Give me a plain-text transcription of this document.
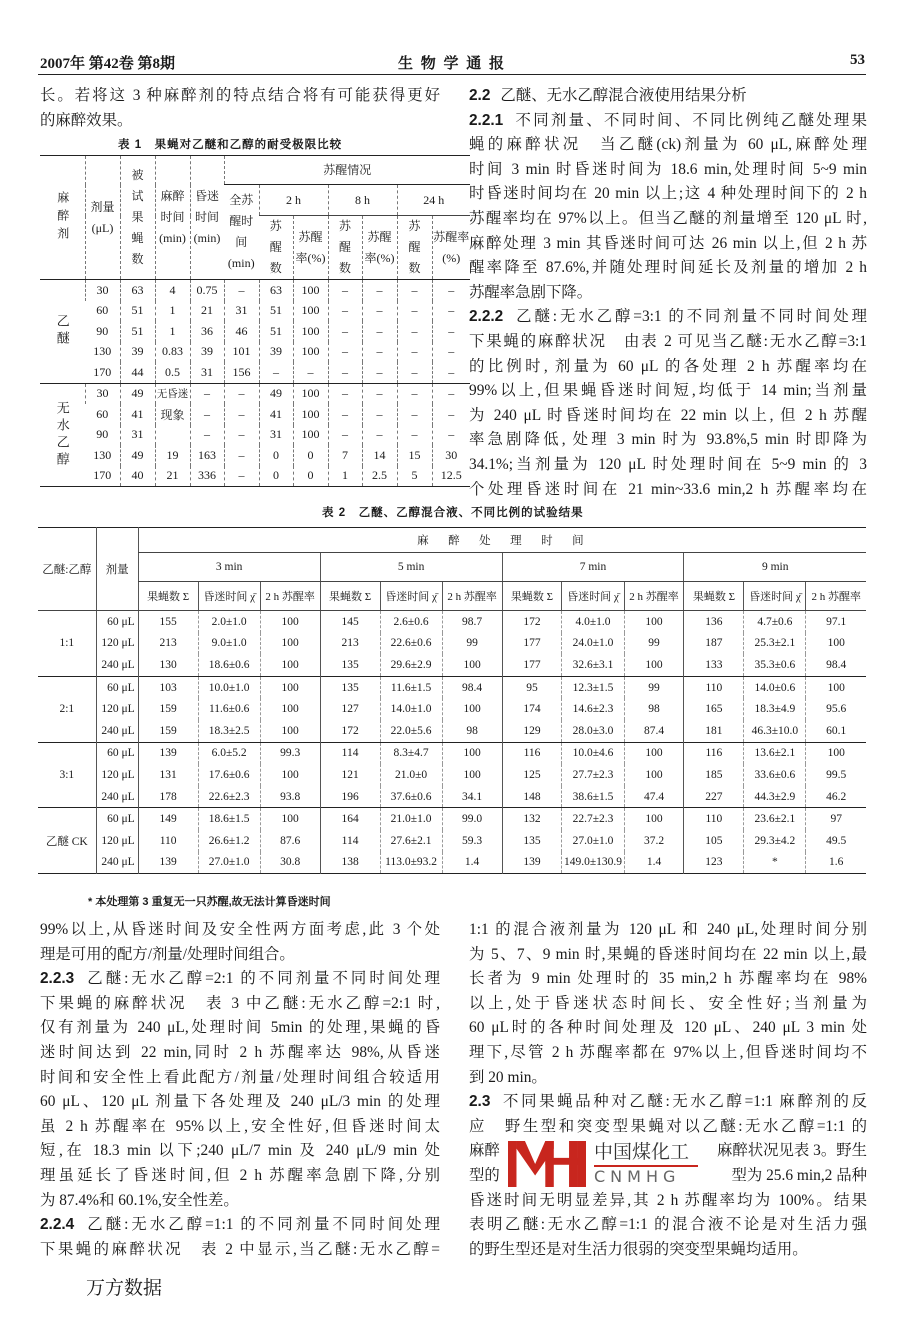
2007年 第42卷 第8期	生 物 学 通 报	53
长。若将这 3 种麻醉剂的特点结合将有可能获得更好
的麻醉效果。
2.2 乙醚、无水乙醇混合液使用结果分析
2.2.1 不同剂量、不同时间、不同比例纯乙醚处理果
蝇的麻醉状况　当乙醚(ck)剂量为 60 μL,麻醉处理
时间 3 min 时昏迷时间为 18.6 min,处理时间 5~9 min
时昏迷时间均在 20 min 以上;这 4 种处理时间下的 2 h
苏醒率均在 97%以上。但当乙醚的剂量增至 120 μL 时,
麻醉处理 3 min 其昏迷时间可达 26 min 以上,但 2 h 苏
醒率降至 87.6%,并随处理时间延长及剂量的增加 2 h
苏醒率急剧下降。
2.2.2 乙醚:无水乙醇=3:1 的不同剂量不同时间处理
下果蝇的麻醉状况　由表 2 可见当乙醚:无水乙醇=3:1
的比例时, 剂量为 60 μL 的各处理 2 h 苏醒率均在
99%以上,但果蝇昏迷时间短,均低于 14 min;当剂量
为 240 μL 时昏迷时间均在 22 min 以上, 但 2 h 苏醒
率急剧降低, 处理 3 min 时为 93.8%,5 min 时即降为
34.1%;当剂量为 120 μL 时处理时间在 5~9 min 的 3
个处理昏迷时间在 21 min~33.6 min,2 h 苏醒率均在
表 1　果蝇对乙醚和乙醇的耐受极限比较
麻醉剂	剂量(μL)	被试果蝇数	麻醉时间(min)	昏迷时间(min)	苏醒情况						
					全苏醒时间(min)	2 h		8 h		24 h	
						苏醒数	苏醒率(%)	苏醒数	苏醒率(%)	苏醒数	苏醒率(%)
乙醚	30	63	4	0.75	–	63	100	–	–	–	–
	60	51	1	21	31	51	100	–	–	–	–
	90	51	1	36	46	51	100	–	–	–	–
	130	39	0.83	39	101	39	100	–	–	–	–
	170	44	0.5	31	156	–	–	–	–	–	–
无水乙醇	30	49	无昏迷	–	–	49	100	–	–	–	–
	60	41	现象	–	–	41	100	–	–	–	–
	90	31		–	–	31	100	–	–	–	–
	130	49	19	163	–	0	0	7	14	15	30
	170	40	21	336	–	0	0	1	2.5	5	12.5
表 2　乙醚、乙醇混合液、不同比例的试验结果
乙醚:乙醇	剂量	麻　醉　处　理　时　间											
		3 min			5 min			7 min			9 min		
		果蝇数 Σ	昏迷时间 χ̄	2 h 苏醒率	果蝇数 Σ	昏迷时间 χ̄	2 h 苏醒率	果蝇数 Σ	昏迷时间 χ̄	2 h 苏醒率	果蝇数 Σ	昏迷时间 χ̄	2 h 苏醒率
1:1	60 μL	155	2.0±1.0	100	145	2.6±0.6	98.7	172	4.0±1.0	100	136	4.7±0.6	97.1
	120 μL	213	9.0±1.0	100	213	22.6±0.6	99	177	24.0±1.0	99	187	25.3±2.1	100
	240 μL	130	18.6±0.6	100	135	29.6±2.9	100	177	32.6±3.1	100	133	35.3±0.6	98.4
2:1	60 μL	103	10.0±1.0	100	135	11.6±1.5	98.4	95	12.3±1.5	99	110	14.0±0.6	100
	120 μL	159	11.6±0.6	100	127	14.0±1.0	100	174	14.6±2.3	98	165	18.3±4.9	95.6
	240 μL	159	18.3±2.5	100	172	22.0±5.6	98	129	28.0±3.0	87.4	181	46.3±10.0	60.1
3:1	60 μL	139	6.0±5.2	99.3	114	8.3±4.7	100	116	10.0±4.6	100	116	13.6±2.1	100
	120 μL	131	17.6±0.6	100	121	21.0±0	100	125	27.7±2.3	100	185	33.6±0.6	99.5
	240 μL	178	22.6±2.3	93.8	196	37.6±0.6	34.1	148	38.6±1.5	47.4	227	44.3±2.9	46.2
乙醚 CK	60 μL	149	18.6±1.5	100	164	21.0±1.0	99.0	132	22.7±2.3	100	110	23.6±2.1	97
	120 μL	110	26.6±1.2	87.6	114	27.6±2.1	59.3	135	27.0±1.0	37.2	105	29.3±4.2	49.5
	240 μL	139	27.0±1.0	30.8	138	113.0±93.2	1.4	139	149.0±130.9	1.4	123	*	1.6
* 本处理第 3 重复无一只苏醒,故无法计算昏迷时间
99%以上,从昏迷时间及安全性两方面考虑,此 3 个处
理是可用的配方/剂量/处理时间组合。
2.2.3 乙醚:无水乙醇=2:1 的不同剂量不同时间处理
下果蝇的麻醉状况　表 3 中乙醚:无水乙醇=2:1 时,
仅有剂量为 240 μL,处理时间 5min 的处理,果蝇的昏
迷时间达到 22 min,同时 2 h 苏醒率达 98%,从昏迷
时间和安全性上看此配方/剂量/处理时间组合较适用
60 μL、120 μL 剂量下各处理及 240 μL/3 min 的处理
虽 2 h 苏醒率在 95%以上,安全性好,但昏迷时间太
短,在 18.3 min 以下;240 μL/7 min 及 240 μL/9 min 处
理虽延长了昏迷时间,但 2 h 苏醒率急剧下降,分别
为 87.4%和 60.1%,安全性差。
2.2.4 乙醚:无水乙醇=1:1 的不同剂量不同时间处理
下果蝇的麻醉状况　表 2 中显示,当乙醚:无水乙醇=
1:1 的混合液剂量为 120 μL 和 240 μL,处理时间分别
为 5、7、9 min 时,果蝇的昏迷时间均在 22 min 以上,最
长者为 9 min 处理时的 35 min,2 h 苏醒率均在 98%
以上,处于昏迷状态时间长、安全性好;当剂量为
60 μL时的各种时间处理及 120 μL、240 μL 3 min 处
理下,尽管 2 h 苏醒率都在 97%以上,但昏迷时间均不
到 20 min。
2.3 不同果蝇品种对乙醚:无水乙醇=1:1 麻醉剂的反
应　野生型和突变型果蝇对以乙醚:无水乙醇=1:1 的
麻醉	麻醉状况见表 3。野生
型的	型为 25.6 min,2 品种
昏迷时间无明显差异,其 2 h 苏醒率均为 100%。结果
表明乙醚:无水乙醇=1:1 的混合液不论是对生活力强
的野生型还是对生活力很弱的突变型果蝇均适用。
中国煤化工
CNMHG
万方数据
